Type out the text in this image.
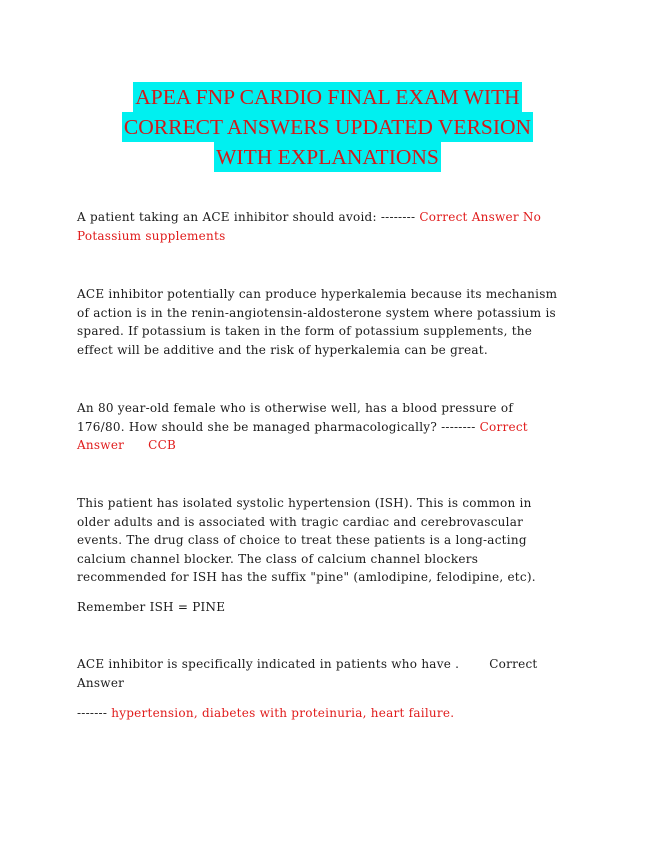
APEA FNP CARDIO FINAL EXAM WITH
CORRECT ANSWERS UPDATED VERSION
WITH EXPLANATIONS

A patient taking an ACE inhibitor should avoid: -------- Correct Answer No
Potassium supplements

ACE inhibitor potentially can produce hyperkalemia because its mechanism
of action is in the renin-angiotensin-aldosterone system where potassium is
spared. If potassium is taken in the form of potassium supplements, the
effect will be additive and the risk of hyperkalemia can be great.

An 80 year-old female who is otherwise well, has a blood pressure of
176/80. How should she be managed pharmacologically? -------- Correct
Answer CCB

This patient has isolated systolic hypertension (ISH). This is common in
older adults and is associated with tragic cardiac and cerebrovascular
events. The drug class of choice to treat these patients is a long-acting
calcium channel blocker. The class of calcium channel blockers
recommended for ISH has the suffix "pine" (amlodipine, felodipine, etc).

Remember ISH = PINE

ACE inhibitor is specifically indicated in patients who have .	Correct
Answer

------- hypertension, diabetes with proteinuria, heart failure.
